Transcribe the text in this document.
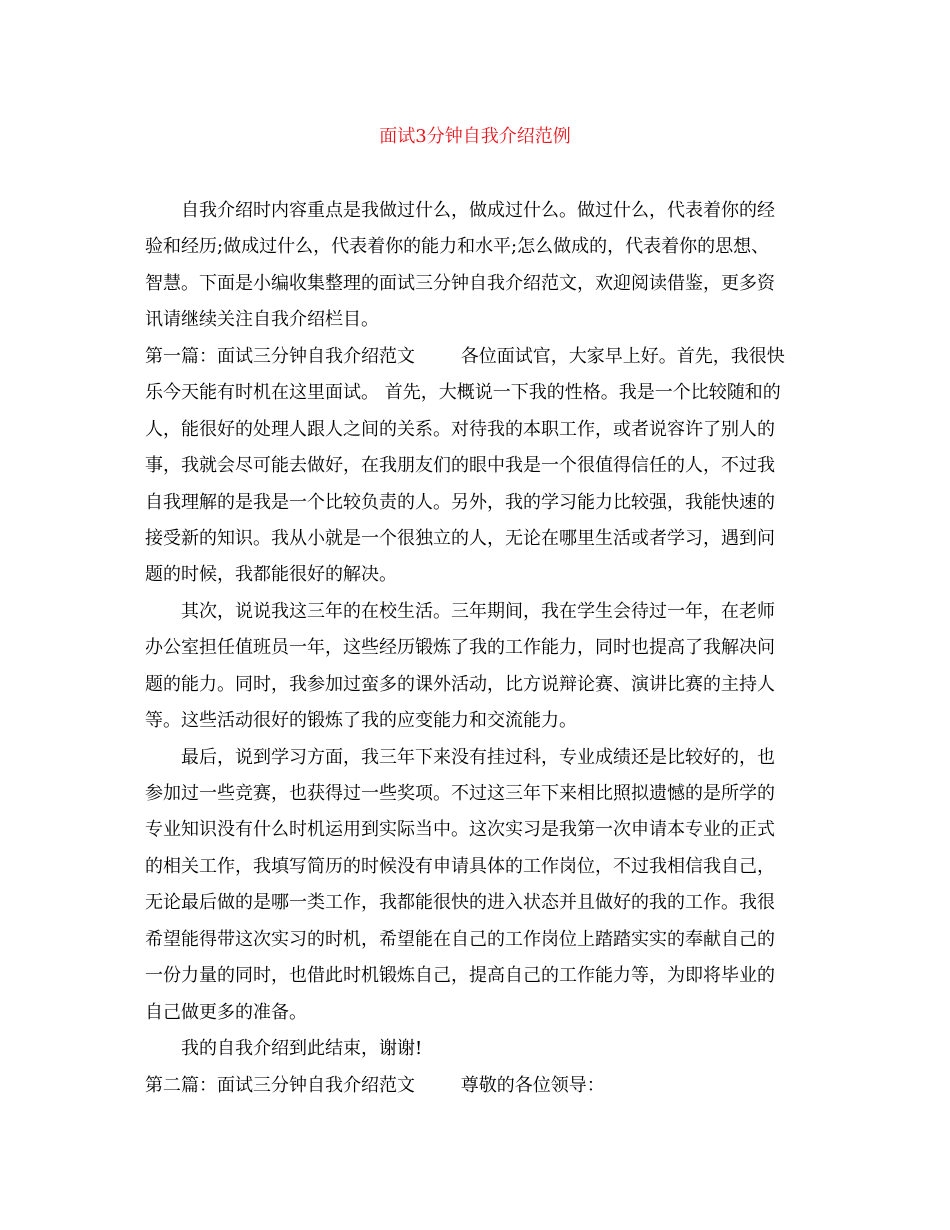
面试3分钟自我介绍范例
自我介绍时内容重点是我做过什么，做成过什么。做过什么，代表着你的经
验和经历;做成过什么，代表着你的能力和水平;怎么做成的，代表着你的思想、
智慧。下面是小编收集整理的面试三分钟自我介绍范文，欢迎阅读借鉴，更多资
讯请继续关注自我介绍栏目。
第一篇：面试三分钟自我介绍范文        各位面试官，大家早上好。首先，我很快
乐今天能有时机在这里面试。 首先，大概说一下我的性格。我是一个比较随和的
人，能很好的处理人跟人之间的关系。对待我的本职工作，或者说容许了别人的
事，我就会尽可能去做好，在我朋友们的眼中我是一个很值得信任的人，不过我
自我理解的是我是一个比较负责的人。另外，我的学习能力比较强，我能快速的
接受新的知识。我从小就是一个很独立的人，无论在哪里生活或者学习，遇到问
题的时候，我都能很好的解决。
其次，说说我这三年的在校生活。三年期间，我在学生会待过一年，在老师
办公室担任值班员一年，这些经历锻炼了我的工作能力，同时也提高了我解决问
题的能力。同时，我参加过蛮多的课外活动，比方说辩论赛、演讲比赛的主持人
等。这些活动很好的锻炼了我的应变能力和交流能力。
最后，说到学习方面，我三年下来没有挂过科，专业成绩还是比较好的，也
参加过一些竞赛，也获得过一些奖项。不过这三年下来相比照拟遗憾的是所学的
专业知识没有什么时机运用到实际当中。这次实习是我第一次申请本专业的正式
的相关工作，我填写简历的时候没有申请具体的工作岗位，不过我相信我自己，
无论最后做的是哪一类工作，我都能很快的进入状态并且做好的我的工作。我很
希望能得带这次实习的时机，希望能在自己的工作岗位上踏踏实实的奉献自己的
一份力量的同时，也借此时机锻炼自己，提高自己的工作能力等，为即将毕业的
自己做更多的准备。
我的自我介绍到此结束，谢谢!
第二篇：面试三分钟自我介绍范文        尊敬的各位领导：
